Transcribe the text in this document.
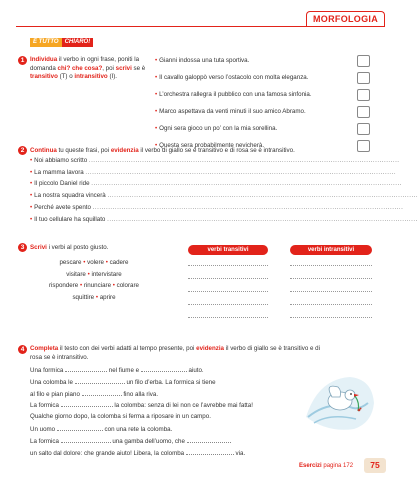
MORFOLOGIA
È TUTTO CHIARO!
1 Individua il verbo in ogni frase, poniti la domanda chi? che cosa?, poi scrivi se è transitivo (T) o intransitivo (I).
• Gianni indossa una tuta sportiva.
• Il cavallo galoppò verso l’ostacolo con molta eleganza.
• L’orchestra rallegra il pubblico con una famosa sinfonia.
• Marco aspettava da venti minuti il suo amico Abramo.
• Ogni sera gioco un po’ con la mia sorellina.
• Questa sera probabilmente nevicherà.
2 Continua tu queste frasi, poi evidenzia il verbo di giallo se è transitivo e di rosa se è intransitivo.
• Noi abbiamo scritto ............................................................................................................................................
• La mamma lavora ............................................................................................................................................
• Il piccolo Daniel ride ............................................................................................................................................
• La nostra squadra vincerà ............................................................................................................................................
• Perché avete spento ............................................................................................................................................
• Il tuo cellulare ha squillato ............................................................................................................................................
3 Scrivi i verbi al posto giusto.
pescare • volere • cadere
visitare • intervistare
rispondere • rinunciare • colorare
squittire • aprire
verbi transitivi	verbi intransitivi
4 Completa il testo con dei verbi adatti al tempo presente, poi evidenzia il verbo di giallo se è transitivo e di rosa se è intransitivo.
Una formica	nel fiume e	aiuto.
Una colomba le	un filo d’erba. La formica si tiene
al filo e pian piano	fino alla riva.
La formica	la colomba: senza di lei non ce l’avrebbe mai fatta!
Qualche giorno dopo, la colomba si ferma a riposare in un campo.
Un uomo	con una rete la colomba.
La formica	una gamba dell’uomo, che
un salto dal dolore: che grande aiuto! Libera, la colomba	via.
Esercizi pagina 172	75
